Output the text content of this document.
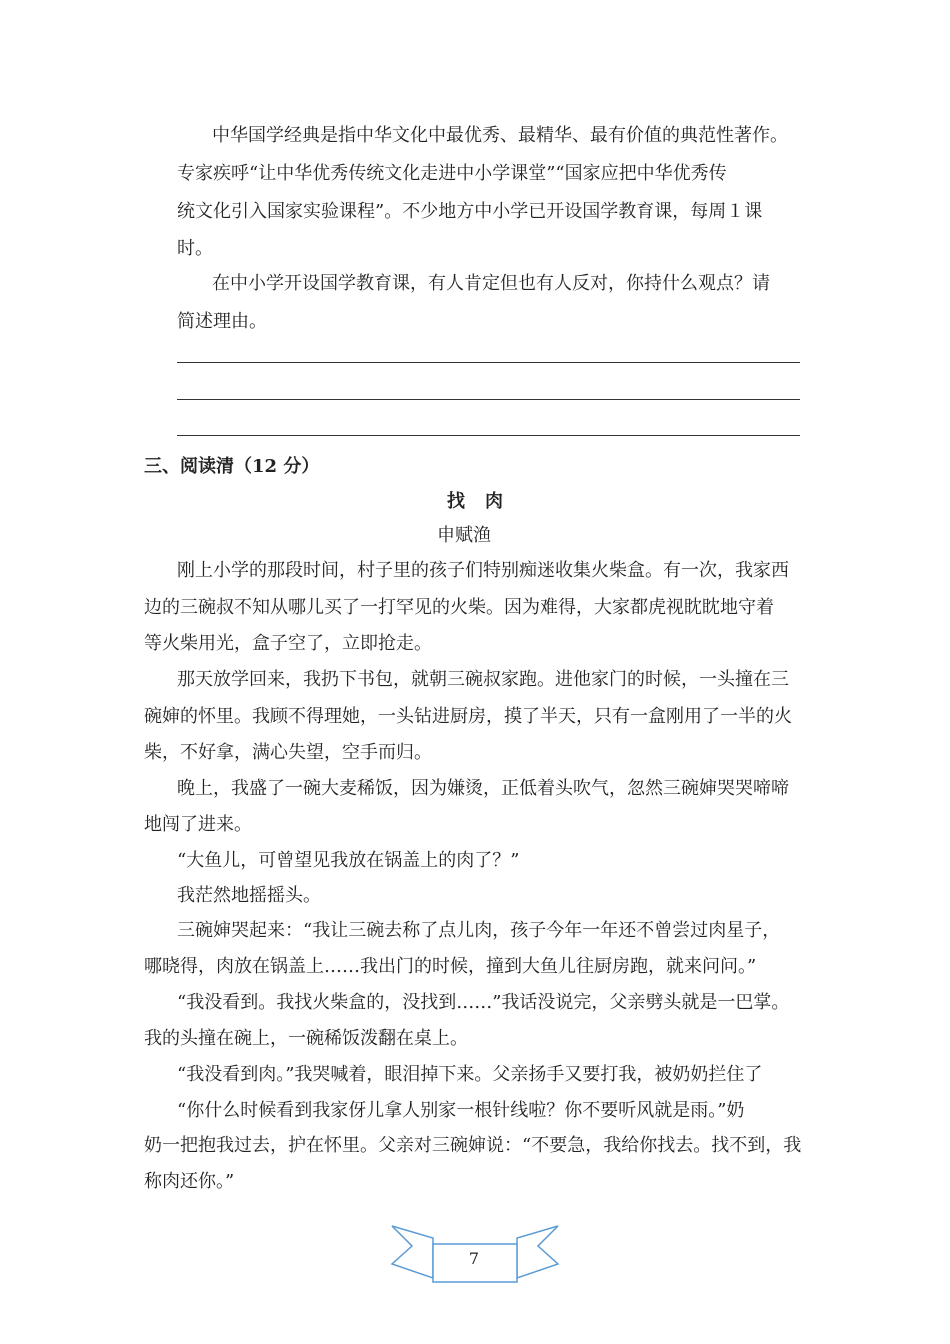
中华国学经典是指中华文化中最优秀、最精华、最有价值的典范性著作。
专家疾呼“让中华优秀传统文化走进中小学课堂”“国家应把中华优秀传
统文化引入国家实验课程”。不少地方中小学已开设国学教育课，每周１课
时。
在中小学开设国学教育课，有人肯定但也有人反对，你持什么观点？请
简述理由。
三、阅读清（12 分）
找肉
申赋渔
刚上小学的那段时间，村子里的孩子们特别痴迷收集火柴盒。有一次，我家西
边的三碗叔不知从哪儿买了一打罕见的火柴。因为难得，大家都虎视眈眈地守着
等火柴用光，盒子空了，立即抢走。
那天放学回来，我扔下书包，就朝三碗叔家跑。进他家门的时候，一头撞在三
碗婶的怀里。我顾不得理她，一头钻进厨房，摸了半天，只有一盒刚用了一半的火
柴，不好拿，满心失望，空手而归。
晚上，我盛了一碗大麦稀饭，因为嫌烫，正低着头吹气，忽然三碗婶哭哭啼啼
地闯了进来。
“大鱼儿，可曾望见我放在锅盖上的肉了？”
我茫然地摇摇头。
三碗婶哭起来：“我让三碗去称了点儿肉，孩子今年一年还不曾尝过肉星子，
哪晓得，肉放在锅盖上……我出门的时候，撞到大鱼儿往厨房跑，就来问问。”
“我没看到。我找火柴盒的，没找到……”我话没说完，父亲劈头就是一巴掌。
我的头撞在碗上，一碗稀饭泼翻在桌上。
“我没看到肉。”我哭喊着，眼泪掉下来。父亲扬手又要打我，被奶奶拦住了
“你什么时候看到我家伢儿拿人别家一根针线啦？你不要听风就是雨。”奶
奶一把抱我过去，护在怀里。父亲对三碗婶说：“不要急，我给你找去。找不到，我
称肉还你。”
7
